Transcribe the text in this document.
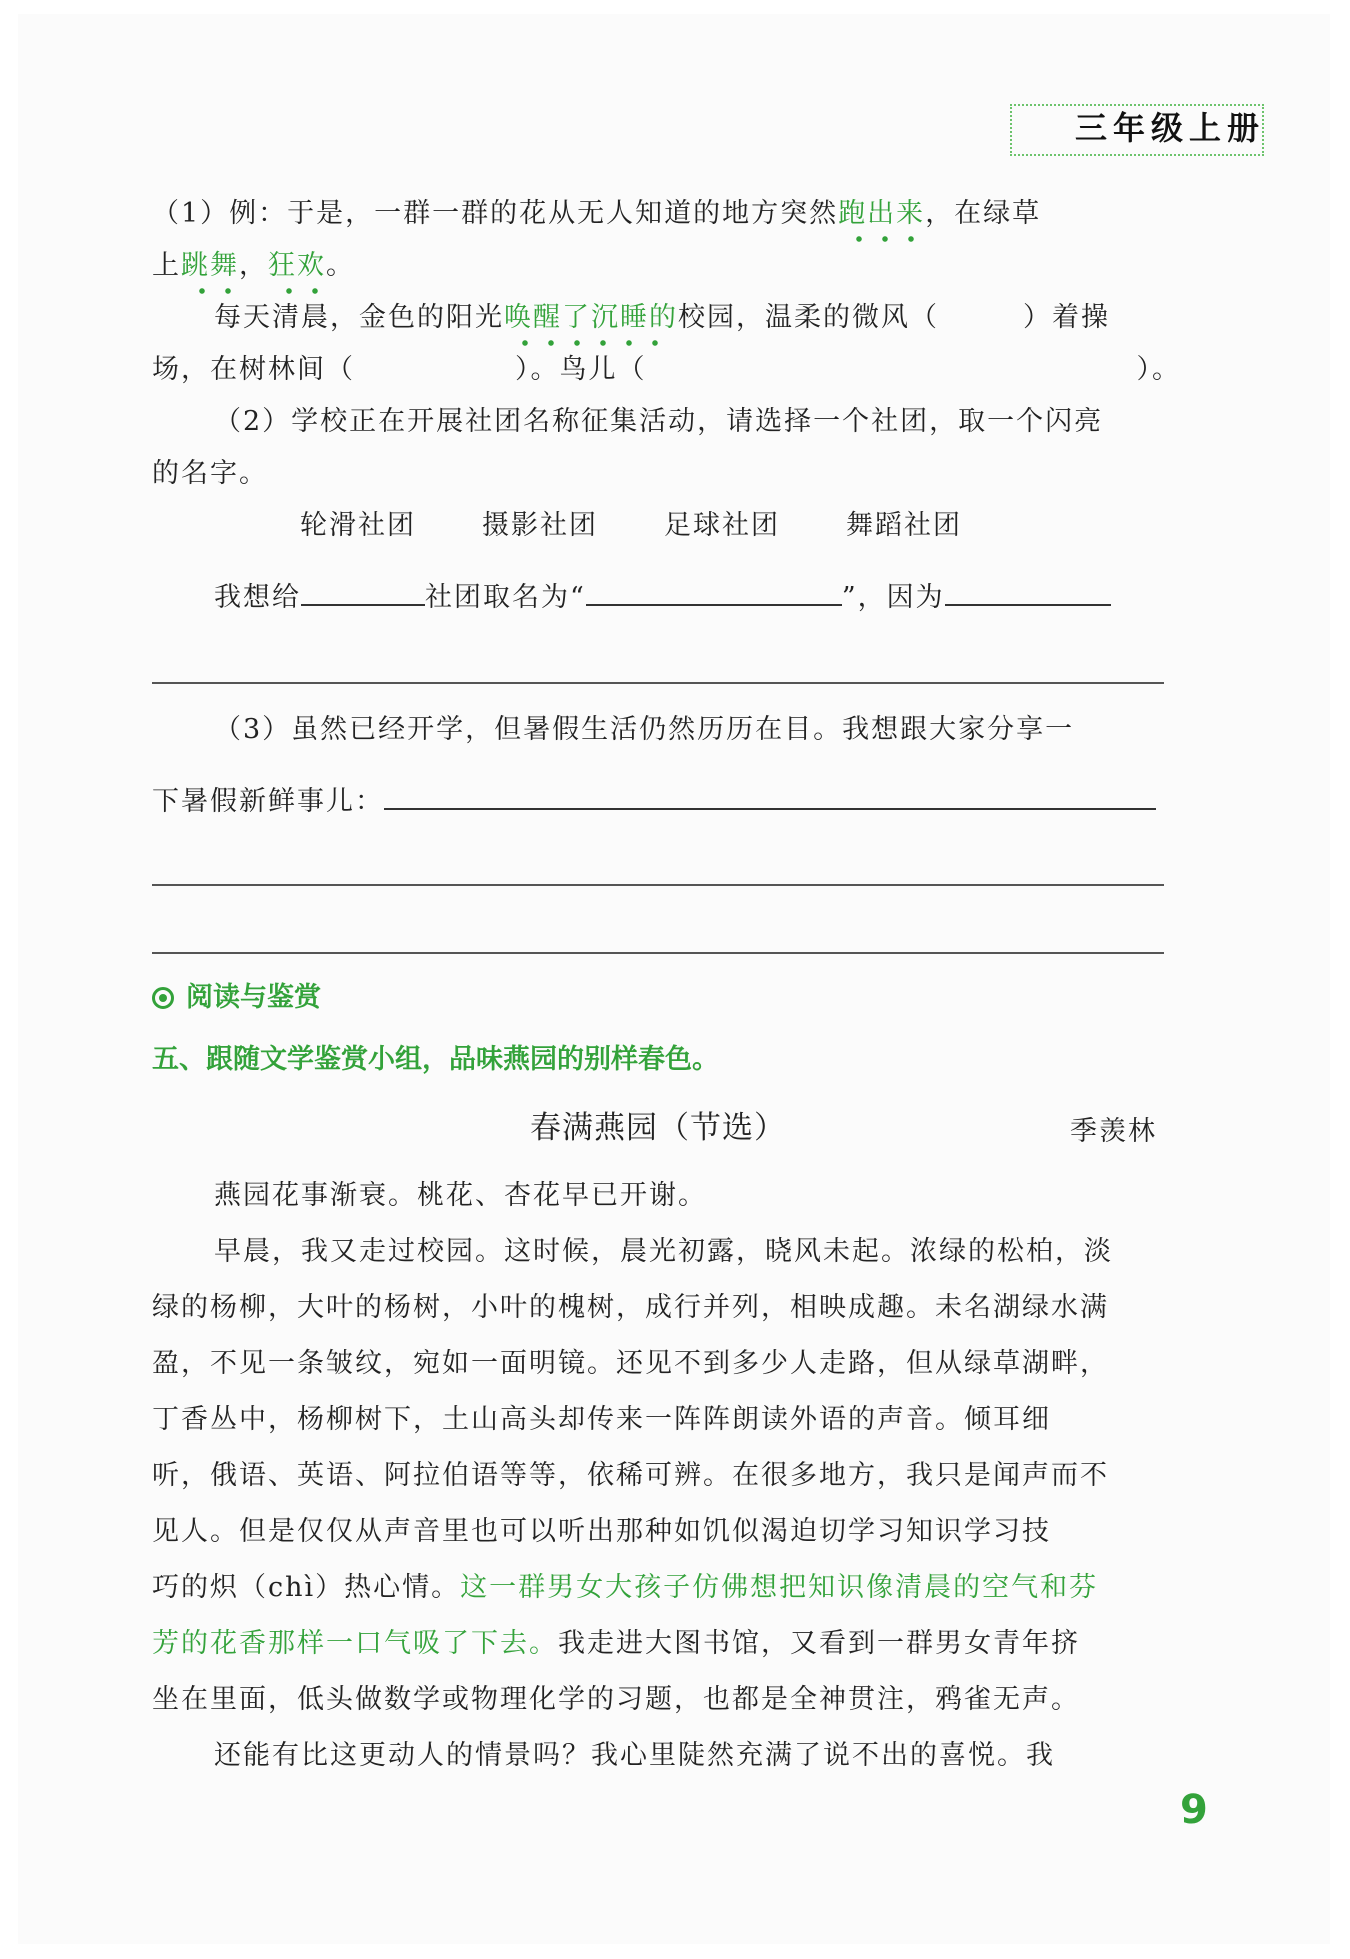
三年级上册
（1）例：于是，一群一群的花从无人知道的地方突然跑出来
，在绿草
上跳舞
，狂欢
。
每天清晨，金色的阳光唤醒了沉睡的
校园，温柔的微风（	）着操
场，在树林间（	）。鸟儿（	）。
（2）学校正在开展社团名称征集活动，请选择一个社团，取一个闪亮
的名字。
轮滑社团 摄影社团 足球社团 舞蹈社团
我想给	社团取名为“	”，因为
（3）虽然已经开学，但暑假生活仍然历历在目。我想跟大家分享一
下暑假新鲜事儿：
阅读与鉴赏
五、跟随文学鉴赏小组，品味燕园的别样春色。
春满燕园（节选）	季羡林
燕园花事渐衰。桃花、杏花早已开谢。
早晨，我又走过校园。这时候，晨光初露，晓风未起。浓绿的松柏，淡
绿的杨柳，大叶的杨树，小叶的槐树，成行并列，相映成趣。未名湖绿水满
盈，不见一条皱纹，宛如一面明镜。还见不到多少人走路，但从绿草湖畔，
丁香丛中，杨柳树下，土山高头却传来一阵阵朗读外语的声音。倾耳细
听，俄语、英语、阿拉伯语等等，依稀可辨。在很多地方，我只是闻声而不
见人。但是仅仅从声音里也可以听出那种如饥似渴迫切学习知识学习技
巧的炽（chì）热心情。这一群男女大孩子仿佛想把知识像清晨的空气和芬
芳的花香那样一口气吸了下去。我走进大图书馆，又看到一群男女青年挤
坐在里面，低头做数学或物理化学的习题，也都是全神贯注，鸦雀无声。
还能有比这更动人的情景吗？我心里陡然充满了说不出的喜悦。我
9
